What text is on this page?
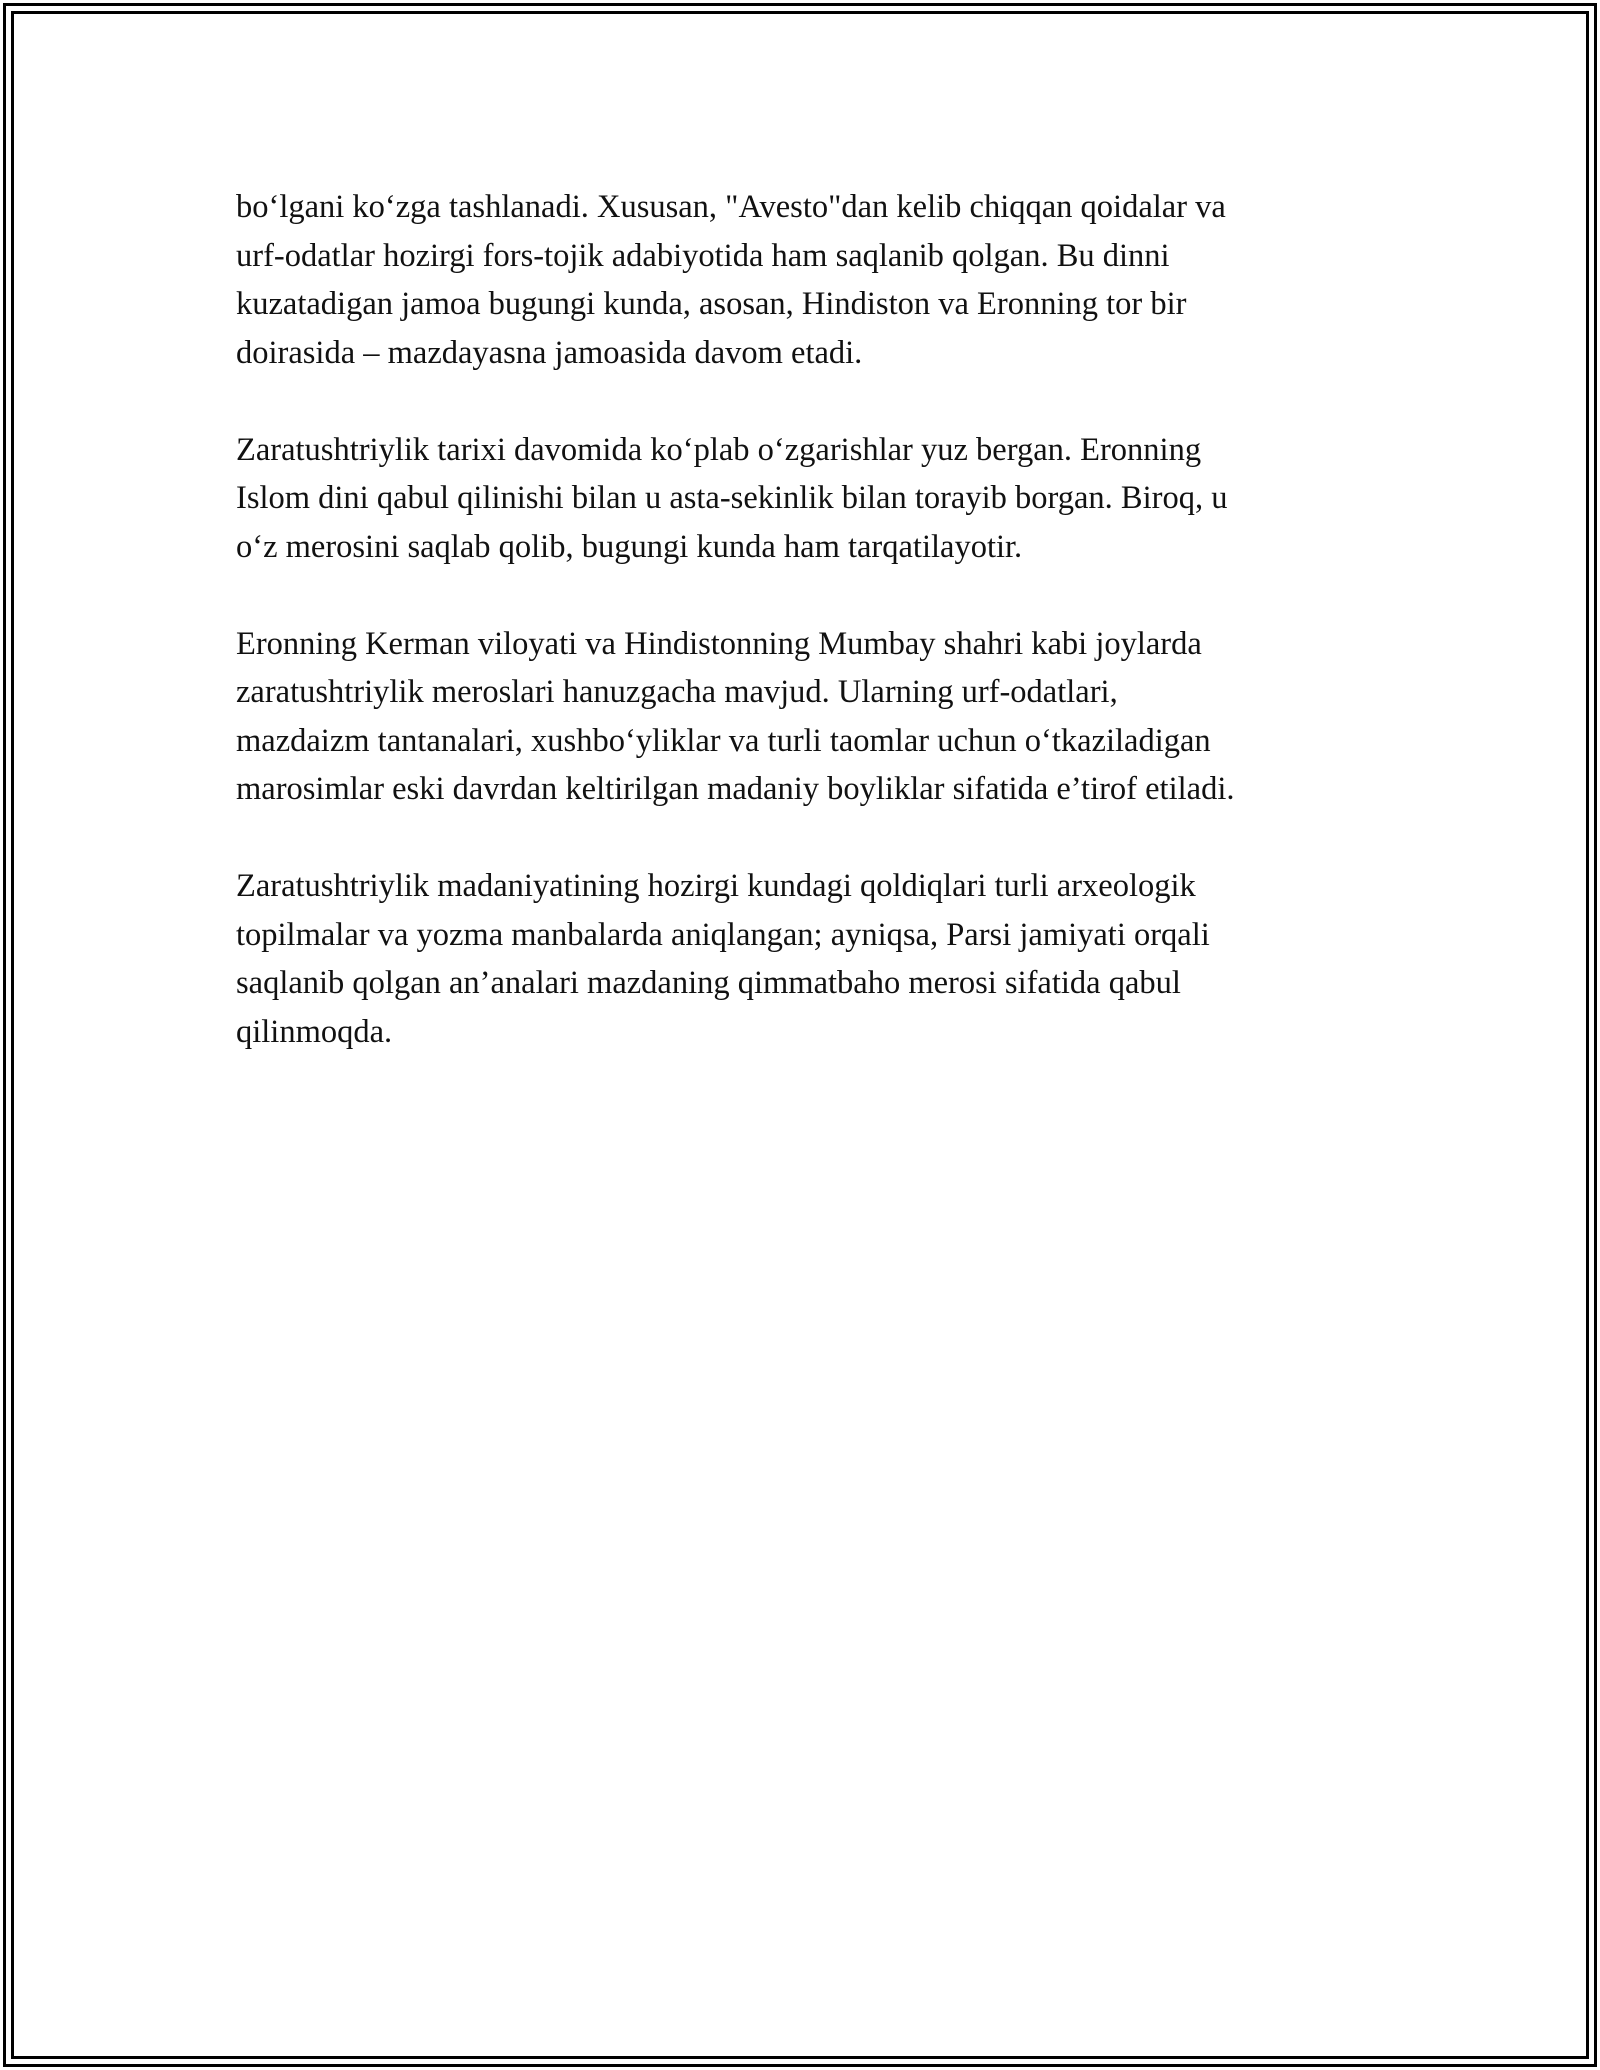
bo‘lgani ko‘zga tashlanadi. Xususan, "Avesto"dan kelib chiqqan qoidalar va
urf-odatlar hozirgi fors-tojik adabiyotida ham saqlanib qolgan. Bu dinni
kuzatadigan jamoa bugungi kunda, asosan, Hindiston va Eronning tor bir
doirasida – mazdayasna jamoasida davom etadi.

Zaratushtriylik tarixi davomida ko‘plab o‘zgarishlar yuz bergan. Eronning
Islom dini qabul qilinishi bilan u asta-sekinlik bilan torayib borgan. Biroq, u
o‘z merosini saqlab qolib, bugungi kunda ham tarqatilayotir.

Eronning Kerman viloyati va Hindistonning Mumbay shahri kabi joylarda
zaratushtriylik meroslari hanuzgacha mavjud. Ularning urf-odatlari,
mazdaizm tantanalari, xushbo‘yliklar va turli taomlar uchun o‘tkaziladigan
marosimlar eski davrdan keltirilgan madaniy boyliklar sifatida e’tirof etiladi.

Zaratushtriylik madaniyatining hozirgi kundagi qoldiqlari turli arxeologik
topilmalar va yozma manbalarda aniqlangan; ayniqsa, Parsi jamiyati orqali
saqlanib qolgan an’analari mazdaning qimmatbaho merosi sifatida qabul
qilinmoqda.
